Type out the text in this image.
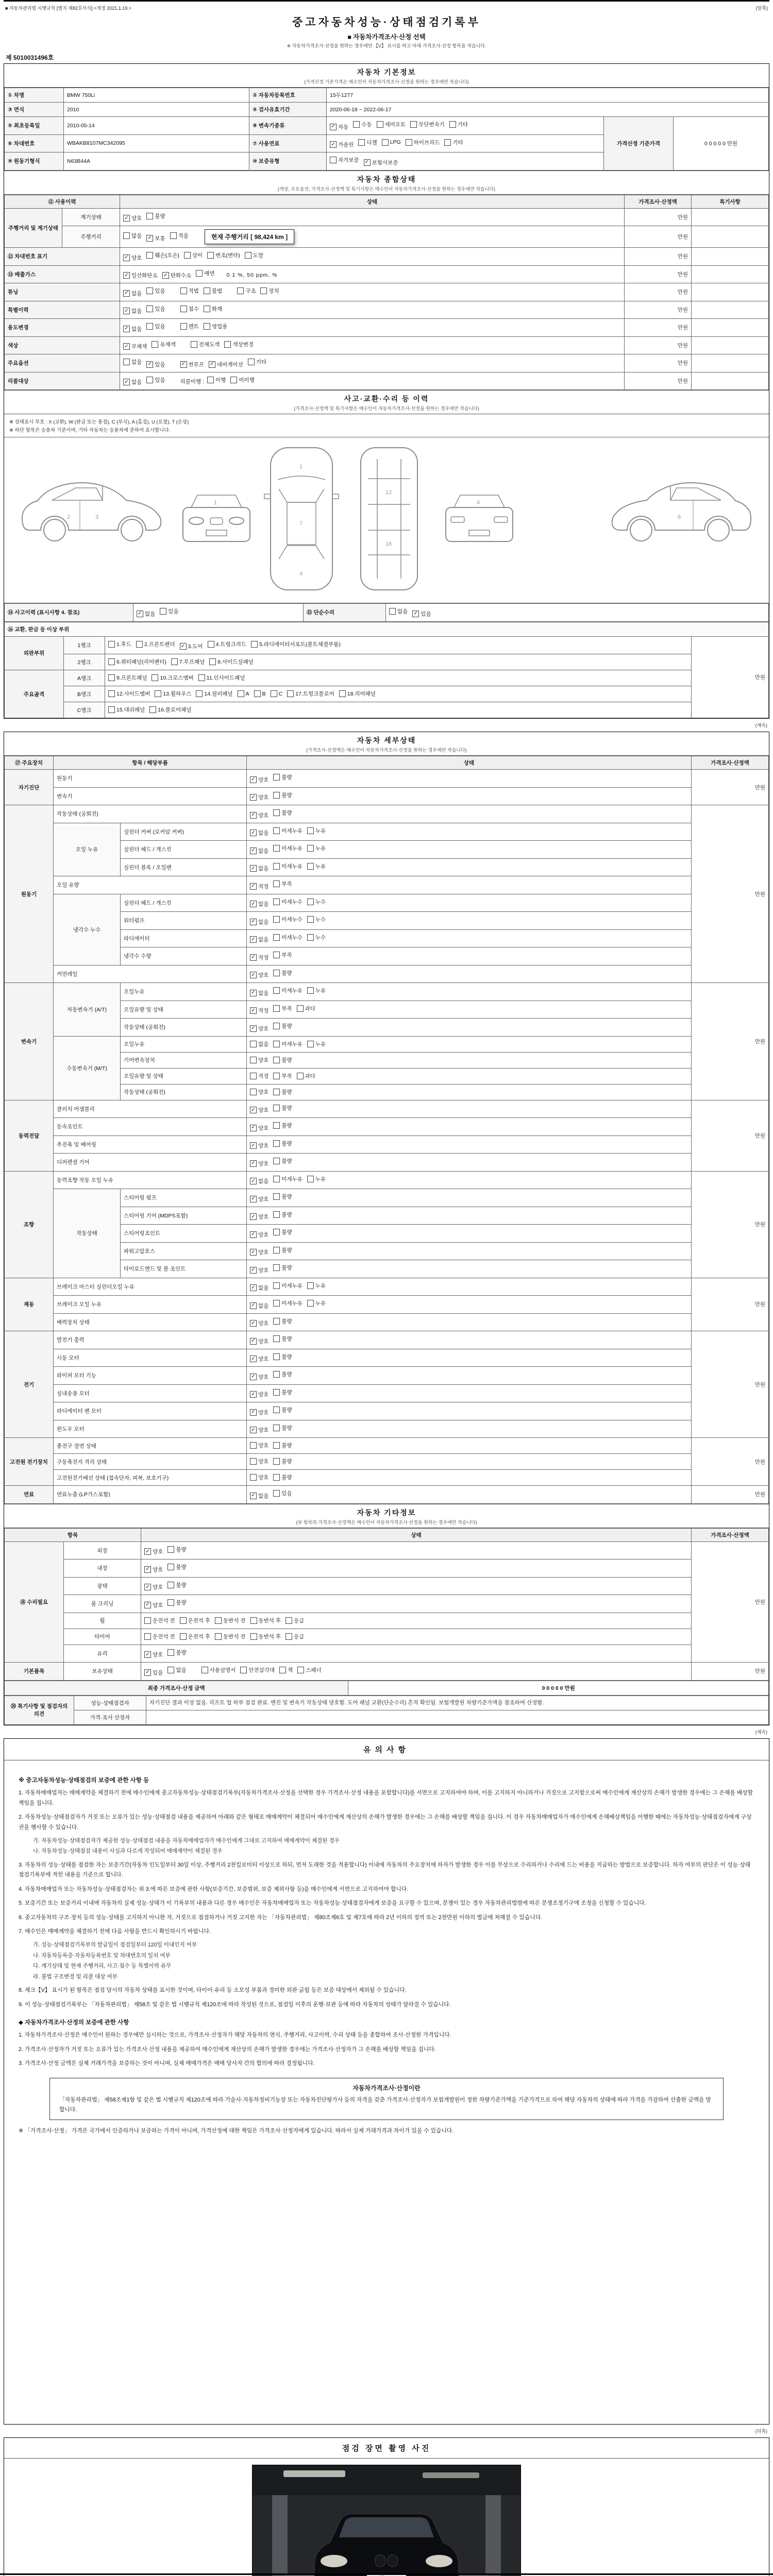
■ 자동차관리법 시행규칙 [별지 제82호서식] <개정 2021.1.19.>	(앞쪽)
중고자동차성능·상태점검기록부
■ 자동차가격조사·산정 선택
※ 자동차가격조사·산정을 원하는 경우에만 【V】 표시를 하고 아래 가격조사·산정 항목을 적습니다.
제 5010031496호
자동차 기본정보
(가격산정 기준가격은 매수인이 자동차가격조사·산정을 원하는 경우에만 적습니다)
① 차명	BMW 750Li	② 자동차등록번호	15두1277		
③ 연식	2010	④ 검사유효기간	2020-06-18 ~ 2022-06-17		
⑤ 최초등록일	2010-05-14	⑧ 변속기종류	✓ 자동 수동 세미오토 무단변속기 기타
	가격산정 기준가격	0 0 0 0 0 만원
⑥ 차대번호	WBAKB8107MC342095	⑦ 사용연료	✓ 가솔린 디젤 LPG 하이브리드 기타

⑨ 원동기형식	N63B44A	⑩ 보증유형	자가보증 ✓ 보험사보증		
자동차 종합상태
(색상, 주요옵션, 가격조사·산정액 및 특기사항은 매수인이 자동차가격조사·산정을 원하는 경우에만 적습니다)
⑪ 사용이력		상태	가격조사·산정액	특기사항
주행거리 및 계기상태	계기상태	✓ 양호 불량	만원	
	주행거리	많음 ✓ 보통 적음 현재 주행거리 [ 98,424 km ]	만원	
⑫ 차대번호 표기	✓ 양호 훼손(오손) 상이 변조(변타) 도말	만원	
⑬ 배출가스	✓ 일산화탄소 ✓ 탄화수소 매연 0.1 %, 50 ppm, %	만원	
튜닝	✓ 없음 있음	적법 불법	구조 장치	만원	
특별이력		✓ 없음 있음 침수 화재	만원	
용도변경		✓ 없음 있음 렌트 영업용	만원	
색상		✓ 무채색 유채색 전체도색 색상변경	만원	
주요옵션	없음 ✓ 있음	✓ 썬루프 ✓ 네비게이션 기타	만원	
리콜대상	✓ 없음 있음	리콜이행 : 이행 미이행	만원	
사고·교환·수리 등 이력
(가격조사·산정액 및 특기사항은 매수인이 자동차가격조사·산정을 원하는 경우에만 적습니다)
※ 상태표시 부호 : X (교환), W (판금 또는 용접), C (부식), A (흠집), U (요철), T (손상)
※ 하단 항목은 승용차 기준이며, 기타 자동차는 승용차에 준하여 표시합니다.
2	3
1
1
7
4
12
16
4
6
⑭ 사고이력 (표시사항 4. 참조)	✓ 없음 있음	⑮ 단순수리	없음 ✓ 있음
⑯ 교환, 판금 등 이상 부위			
외판부위	1랭크	1.후드 2.프론트펜더 ✓ 3.도어 4.트렁크리드 5.라디에이터서포트(볼트체결부품)
	만원
	2랭크	6.쿼터패널(리어펜더) 7.루프패널 8.사이드실패널	

주요골격	A랭크	9.프론트패널 10.크로스멤버 11.인사이드패널	

B랭크	12.사이드멤버 13.휠하우스 14.필러패널 A B C 17.트렁크플로어 18.리어패널

	C랭크	15.대쉬패널 16.플로어패널	
(계속)
자동차 세부상태
(가격조사·산정액은 매수인이 자동차가격조사·산정을 원하는 경우에만 적습니다)
⑰ 주요장치	항목 / 해당부품		상태	가격조사·산정액
자기진단	원동기		✓ 양호 불량	만원
	변속기		✓ 양호 불량	

원동기	작동상태 (공회전)		✓ 양호 불량	만원
	오일 누유	실린더 커버 (로커암 커버)	✓ 없음 미세누유 누유	

		실린더 헤드 / 개스킷	✓ 없음 미세누유 누유	

		실린더 블록 / 오일팬	✓ 없음 미세누유 누유	

	오일 유량		✓ 적정 부족	

	냉각수 누수	실린더 헤드 / 개스킷	✓ 없음 미세누수 누수	

		워터펌프	✓ 없음 미세누수 누수	

		라디에이터	✓ 없음 미세누수 누수	

		냉각수 수량	✓ 적정 부족	

	커먼레일		✓ 양호 불량	

변속기	자동변속기 (A/T)	오일누유	✓ 없음 미세누유 누유	만원
		오일유량 및 상태	✓ 적정 부족 과다	

		작동상태 (공회전)	✓ 양호 불량	

	수동변속기 (M/T)	오일누유	없음 미세누유 누유	

		기어변속장치	양호 불량	

		오일유량 및 상태	적정 부족 과다	

		작동상태 (공회전)	양호 불량	

동력전달	클러치 어셈블리		✓ 양호 불량	만원
	등속조인트		✓ 양호 불량	

	추진축 및 베어링		✓ 양호 불량	

	디퍼렌셜 기어		✓ 양호 불량	

조향	동력조향 작동 오일 누유		✓ 없음 미세누유 누유	만원
	작동상태	스티어링 펌프	✓ 양호 불량	

		스티어링 기어 (MDPS포함)	✓ 양호 불량	

		스티어링조인트	✓ 양호 불량	

		파워고압호스	✓ 양호 불량	

		타이로드엔드 및 볼 조인트	✓ 양호 불량	

제동	브레이크 마스터 실린더오일 누유		✓ 없음 미세누유 누유	만원
	브레이크 오일 누유		✓ 없음 미세누유 누유	

	배력장치 상태		✓ 양호 불량	

전기	발전기 출력		✓ 양호 불량	만원
	시동 모터		✓ 양호 불량	

	와이퍼 모터 기능		✓ 양호 불량	

	실내송풍 모터		✓ 양호 불량	

	라디에이터 팬 모터		✓ 양호 불량	

	윈도우 모터		✓ 양호 불량	

고전원 전기장치	충전구 절연 상태		양호 불량	만원
	구동축전지 격리 상태		양호 불량	

	고전원전기배선 상태 (접속단자, 피복, 보호기구)		양호 불량	

연료	연료누출 (LP가스포함)		✓ 없음 있음	만원
자동차 기타정보
(⑱ 항목의 가격조사·산정액은 매수인이 자동차가격조사·산정을 원하는 경우에만 적습니다)
항목		상태	가격조사·산정액
⑱ 수리필요	외장	✓ 양호 불량	만원
	내장	✓ 양호 불량	

	광택	✓ 양호 불량	

	룸 크리닝	✓ 양호 불량	

	휠	운전석 전 운전석 후 동반석 전 동반석 후 응급	

	타이어	운전석 전 운전석 후 동반석 전 동반석 후 응급	

	유리	✓ 양호 불량	

기본품목	보유상태	✓ 있음 없음	사용설명서 안전삼각대 잭 스패너	만원
최종 가격조사·산정 금액	0 0 0 0 0 만원
⑳ 특기사항 및 점검자의 의견	성능·상태점검자	자기진단 결과 이상 없음. 리프트 업 하부 점검 완료. 엔진 및 변속기 작동상태 양호함. 도어 패널 교환(단순수리) 흔적 확인됨. 보험개발원 차량기준가액을 참조하여 산정함.
	가격·조사 산정자	
(계속)
유의사항
※ 중고자동차성능·상태점검의 보증에 관한 사항 등
1. 자동차매매업자는 매매계약을 체결하기 전에 매수인에게 중고자동차성능·상태점검기록부(자동차가격조사·산정을 선택한 경우 가격조사·산정 내용을 포함합니다)를 서면으로 고지하여야 하며, 이를 고지하지 아니하거나 거짓으로 고지함으로써 매수인에게 재산상의 손해가 발생한 경우에는 그 손해를 배상할 책임을 집니다.
2. 자동차성능·상태점검자가 거짓 또는 오류가 있는 성능·상태점검 내용을 제공하여 아래와 같은 형태로 매매계약이 체결되어 매수인에게 재산상의 손해가 발생한 경우에는 그 손해를 배상할 책임을 집니다. 이 경우 자동차매매업자가 매수인에게 손해배상책임을 이행한 때에는 자동차성능·상태점검자에게 구상권을 행사할 수 있습니다.
가. 자동차성능·상태점검자가 제공한 성능·상태점검 내용을 자동차매매업자가 매수인에게 그대로 고지하여 매매계약이 체결된 경우
나. 자동차성능·상태점검 내용이 사실과 다르게 작성되어 매매계약이 체결된 경우
3. 자동차의 성능·상태를 점검한 자는 보증기간(자동차 인도일부터 30일 이상, 주행거리 2천킬로미터 이상으로 하되, 먼저 도래한 것을 적용합니다) 이내에 자동차의 주요장치에 하자가 발생한 경우 이를 무상으로 수리하거나 수리에 드는 비용을 지급하는 방법으로 보증합니다. 하자 여부의 판단은 이 성능·상태점검기록부에 적힌 내용을 기준으로 합니다.
4. 자동차매매업자 또는 자동차성능·상태점검자는 위 3.에 따른 보증에 관한 사항(보증기간, 보증범위, 보증 제외사항 등)을 매수인에게 서면으로 고지하여야 합니다.
5. 보증기간 또는 보증거리 이내에 자동차의 실제 성능·상태가 이 기록부의 내용과 다른 경우 매수인은 자동차매매업자 또는 자동차성능·상태점검자에게 보증을 요구할 수 있으며, 분쟁이 있는 경우 자동차관리법령에 따른 분쟁조정기구에 조정을 신청할 수 있습니다.
6. 중고자동차의 구조·장치 등의 성능·상태를 고지하지 아니한 자, 거짓으로 점검하거나 거짓 고지한 자는 「자동차관리법」 제80조제6호 및 제7호에 따라 2년 이하의 징역 또는 2천만원 이하의 벌금에 처해질 수 있습니다.
7. 매수인은 매매계약을 체결하기 전에 다음 사항을 반드시 확인하시기 바랍니다.
가. 성능·상태점검기록부의 발급일이 점검일부터 120일 이내인지 여부
나. 자동차등록증·자동차등록번호 및 차대번호의 일치 여부
다. 계기상태 및 현재 주행거리, 사고·침수 등 특별이력 유무
라. 불법 구조변경 및 리콜 대상 여부
8. 체크【V】 표시가 된 항목은 점검 당시의 자동차 상태를 표시한 것이며, 타이어·유리 등 소모성 부품과 경미한 외관 긁힘 등은 보증 대상에서 제외될 수 있습니다.
9. 이 성능·상태점검기록부는 「자동차관리법」 제58조 및 같은 법 시행규칙 제120조에 따라 작성된 것으로, 점검일 이후의 운행·보관 등에 따라 자동차의 상태가 달라질 수 있습니다.
◆ 자동차가격조사·산정의 보증에 관한 사항
1. 자동차가격조사·산정은 매수인이 원하는 경우에만 실시하는 것으로, 가격조사·산정자가 해당 자동차의 연식, 주행거리, 사고이력, 수리 상태 등을 종합하여 조사·산정한 가격입니다.
2. 가격조사·산정자가 거짓 또는 오류가 있는 가격조사·산정 내용을 제공하여 매수인에게 재산상의 손해가 발생한 경우에는 가격조사·산정자가 그 손해를 배상할 책임을 집니다.
3. 가격조사·산정 금액은 실제 거래가격을 보증하는 것이 아니며, 실제 매매가격은 매매 당사자 간의 합의에 따라 결정됩니다.
자동차가격조사·산정이란
「자동차관리법」 제58조제1항 및 같은 법 시행규칙 제120조에 따라 기술사·자동차정비기능장 또는 자동차진단평가사 등의 자격을 갖춘 가격조사·산정자가 보험개발원이 정한 차량기준가액을 기준가격으로 하여 해당 자동차의 상태에 따라 가격을 가감하여 산출한 금액을 말합니다.
※ 「가격조사·산정」 가격은 국가에서 인증하거나 보증하는 가격이 아니며, 가격산정에 대한 책임은 가격조사·산정자에게 있습니다. 따라서 실제 거래가격과 차이가 있을 수 있습니다.
(뒤쪽)
점검 장면 촬영 사진
